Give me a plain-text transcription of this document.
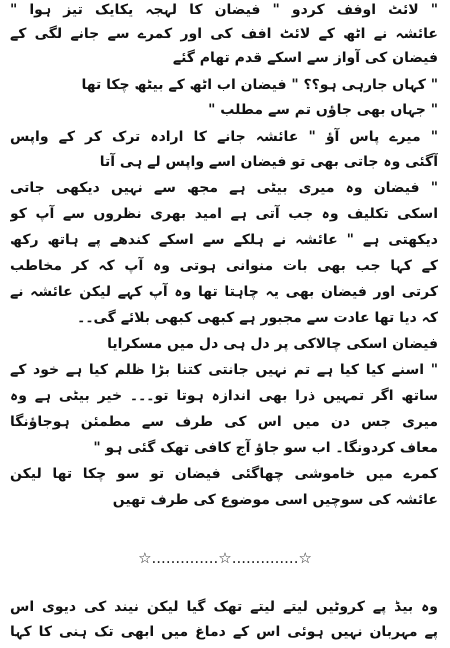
" لائٹ اوفف کردو " فیضان کا لہجہ یکایک تیز ہوا "
عائشہ نے اٹھ کے لائٹ افف کی اور کمرے سے جانے لگی کے
فیضان کی آواز سے اسکے قدم تھام گئے
" کہاں جارہی ہو؟؟ " فیضان اب اٹھ کے بیٹھ چکا تھا
" جہاں بھی جاؤں تم سے مطلب "
" میرے پاس آؤ " عائشہ جانے کا ارادہ ترک کر کے واپس
آگئی وہ جاتی بھی تو فیضان اسے واپس لے ہی آتا
" فیضان وہ میری بیٹی ہے مجھ سے نہیں دیکھی جاتی
اسکی تکلیف وہ جب آتی ہے امید بھری نظروں سے آپ کو
دیکھتی ہے " عائشہ نے ہلکے سے اسکے کندھے پے ہاتھ رکھ
کے کہا جب بھی بات منوانی ہوتی وہ آپ کہ کر مخاطب
کرتی اور فیضان بھی یہ چاہتا تھا وہ آپ کہے لیکن عائشہ نے
کہ دیا تھا عادت سے مجبور ہے کبھی کبھی بلائے گی۔۔
فیضان اسکی چالاکی پر دل ہی دل میں مسکرایا
" اسنے کیا کیا ہے تم نہیں جانتی کتنا بڑا ظلم کیا ہے خود کے
ساتھ اگر تمہیں ذرا بھی اندازہ ہوتا تو۔۔۔ خیر بیٹی ہے وہ
میری جس دن میں اس کی طرف سے مطمئن ہوجاؤنگا
معاف کردونگا۔ اب سو جاؤ آج کافی تھک گئی ہو "
کمرے میں خاموشی چھاگئی فیضان تو سو چکا تھا لیکن
عائشہ کی سوچیں اسی موضوع کی طرف تھیں
وہ بیڈ پے کروٹیں لیتے لیتے تھک گیا لیکن نیند کی دیوی اس
پے مہربان نہیں ہوئی اس کے دماغ میں ابھی تک ہنی کا کہا
☆..............☆..............☆
